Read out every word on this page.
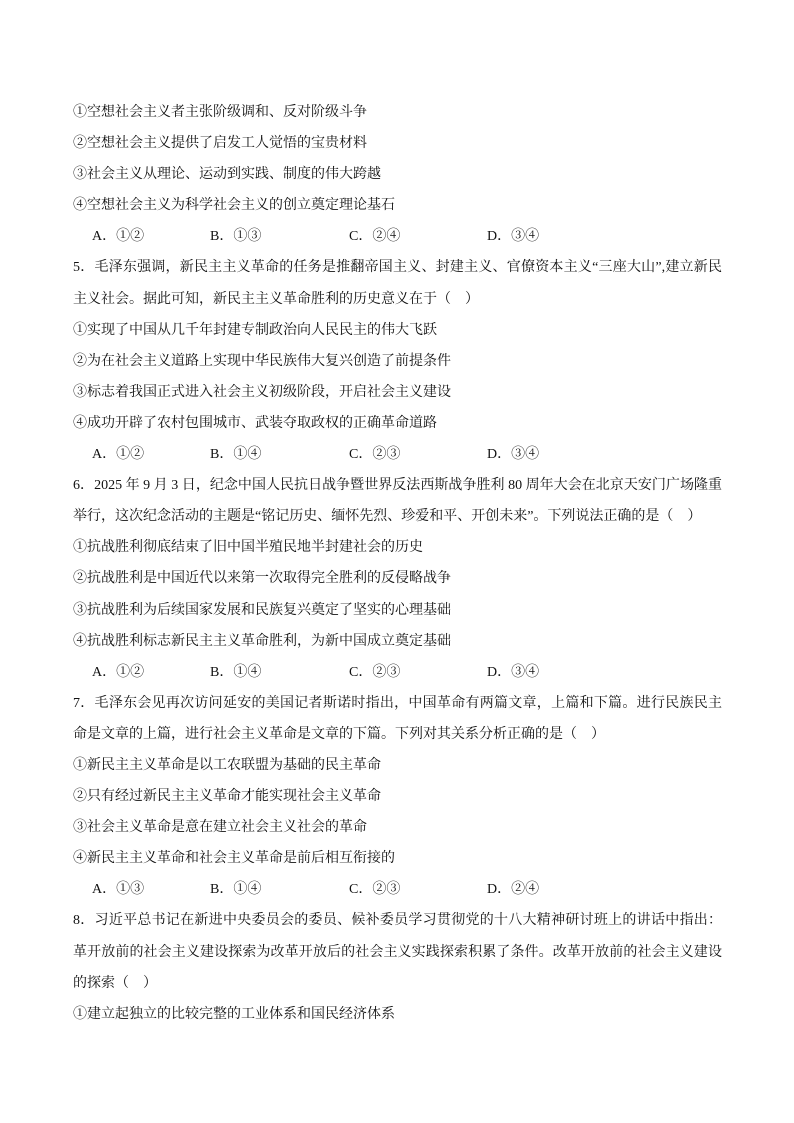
①空想社会主义者主张阶级调和、反对阶级斗争
②空想社会主义提供了启发工人觉悟的宝贵材料
③社会主义从理论、运动到实践、制度的伟大跨越
④空想社会主义为科学社会主义的创立奠定理论基石
A．①②	B．①③	C．②④	D．③④
5．毛泽东强调，新民主主义革命的任务是推翻帝国主义、封建主义、官僚资本主义“三座大山”,建立新民
主义社会。据此可知，新民主主义革命胜利的历史意义在于（　）
①实现了中国从几千年封建专制政治向人民民主的伟大飞跃
②为在社会主义道路上实现中华民族伟大复兴创造了前提条件
③标志着我国正式进入社会主义初级阶段，开启社会主义建设
④成功开辟了农村包围城市、武装夺取政权的正确革命道路
A．①②	B．①④	C．②③	D．③④
6．2025 年 9 月 3 日，纪念中国人民抗日战争暨世界反法西斯战争胜利 80 周年大会在北京天安门广场隆重
举行，这次纪念活动的主题是“铭记历史、缅怀先烈、珍爱和平、开创未来”。下列说法正确的是（　）
①抗战胜利彻底结束了旧中国半殖民地半封建社会的历史
②抗战胜利是中国近代以来第一次取得完全胜利的反侵略战争
③抗战胜利为后续国家发展和民族复兴奠定了坚实的心理基础
④抗战胜利标志新民主主义革命胜利，为新中国成立奠定基础
A．①②	B．①④	C．②③	D．③④
7．毛泽东会见再次访问延安的美国记者斯诺时指出，中国革命有两篇文章，上篇和下篇。进行民族民主
命是文章的上篇，进行社会主义革命是文章的下篇。下列对其关系分析正确的是（　）
①新民主主义革命是以工农联盟为基础的民主革命
②只有经过新民主主义革命才能实现社会主义革命
③社会主义革命是意在建立社会主义社会的革命
④新民主主义革命和社会主义革命是前后相互衔接的
A．①③	B．①④	C．②③	D．②④
8．习近平总书记在新进中央委员会的委员、候补委员学习贯彻党的十八大精神研讨班上的讲话中指出：
革开放前的社会主义建设探索为改革开放后的社会主义实践探索积累了条件。改革开放前的社会主义建设
的探索（　）
①建立起独立的比较完整的工业体系和国民经济体系
